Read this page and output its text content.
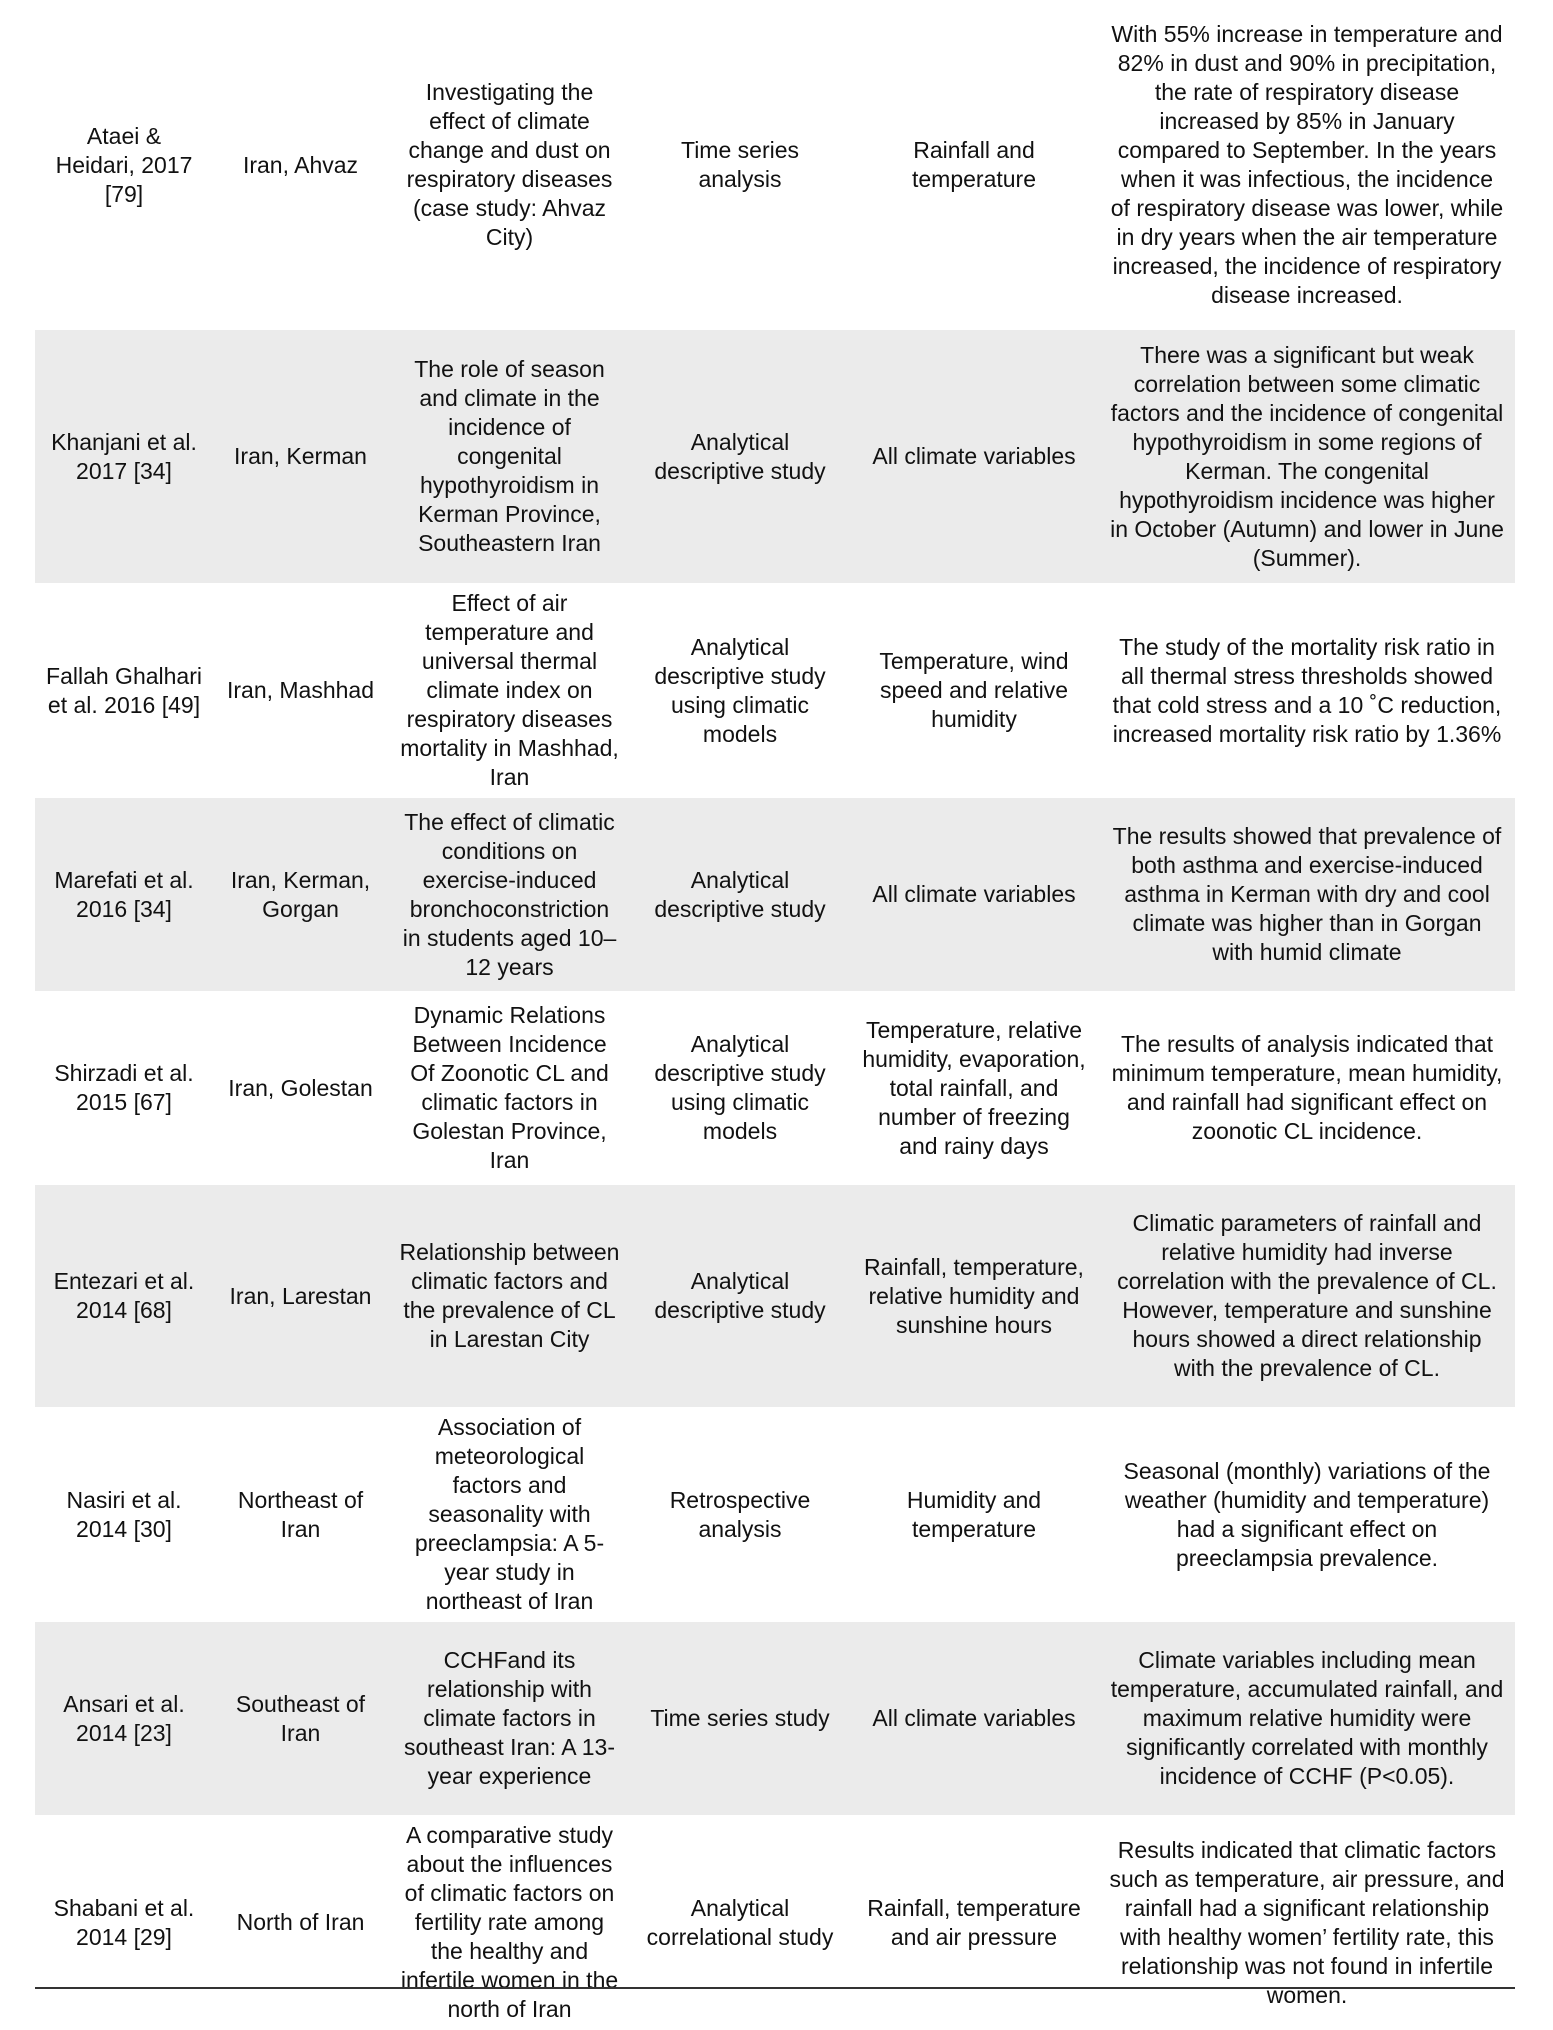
Ataei & Heidari, 2017 [79]	Iran, Ahvaz	Investigating the effect of climate change and dust on respiratory diseases (case study: Ahvaz City)	Time series analysis	Rainfall and temperature	With 55% increase in temperature and 82% in dust and 90% in precipitation, the rate of respiratory disease increased by 85% in January compared to September. In the years when it was infectious, the incidence of respiratory disease was lower, while in dry years when the air temperature increased, the incidence of respiratory disease increased.
Khanjani et al. 2017 [34]	Iran, Kerman	The role of season and climate in the incidence of congenital hypothyroidism in Kerman Province, Southeastern Iran	Analytical descriptive study	All climate variables	There was a significant but weak correlation between some climatic factors and the incidence of congenital hypothyroidism in some regions of Kerman. The congenital hypothyroidism incidence was higher in October (Autumn) and lower in June (Summer).
Fallah Ghalhari et al. 2016 [49]	Iran, Mashhad	Effect of air temperature and universal thermal climate index on respiratory diseases mortality in Mashhad, Iran	Analytical descriptive study using climatic models	Temperature, wind speed and relative humidity	The study of the mortality risk ratio in all thermal stress thresholds showed that cold stress and a 10 ˚C reduction, increased mortality risk ratio by 1.36%
Marefati et al. 2016 [34]	Iran, Kerman, Gorgan	The effect of climatic conditions on exercise-induced bronchoconstriction in students aged 10–12 years	Analytical descriptive study	All climate variables	The results showed that prevalence of both asthma and exercise-induced asthma in Kerman with dry and cool climate was higher than in Gorgan with humid climate
Shirzadi et al. 2015 [67]	Iran, Golestan	Dynamic Relations Between Incidence Of Zoonotic CL and climatic factors in Golestan Province, Iran	Analytical descriptive study using climatic models	Temperature, relative humidity, evaporation, total rainfall, and number of freezing and rainy days	The results of analysis indicated that minimum temperature, mean humidity, and rainfall had significant effect on zoonotic CL incidence.
Entezari et al. 2014 [68]	Iran, Larestan	Relationship between climatic factors and the prevalence of CL in Larestan City	Analytical descriptive study	Rainfall, temperature, relative humidity and sunshine hours	Climatic parameters of rainfall and relative humidity had inverse correlation with the prevalence of CL. However, temperature and sunshine hours showed a direct relationship with the prevalence of CL.
Nasiri et al. 2014 [30]	Northeast of Iran	Association of meteorological factors and seasonality with preeclampsia: A 5-year study in northeast of Iran	Retrospective analysis	Humidity and temperature	Seasonal (monthly) variations of the weather (humidity and temperature) had a significant effect on preeclampsia prevalence.
Ansari et al. 2014 [23]	Southeast of Iran	CCHFand its relationship with climate factors in southeast Iran: A 13-year experience	Time series study	All climate variables	Climate variables including mean temperature, accumulated rainfall, and maximum relative humidity were significantly correlated with monthly incidence of CCHF (P<0.05).
Shabani et al. 2014 [29]	North of Iran	A comparative study about the influences of climatic factors on fertility rate among the healthy and infertile women in the north of Iran	Analytical correlational study	Rainfall, temperature and air pressure	Results indicated that climatic factors such as temperature, air pressure, and rainfall had a significant relationship with healthy women’ fertility rate, this relationship was not found in infertile women.
